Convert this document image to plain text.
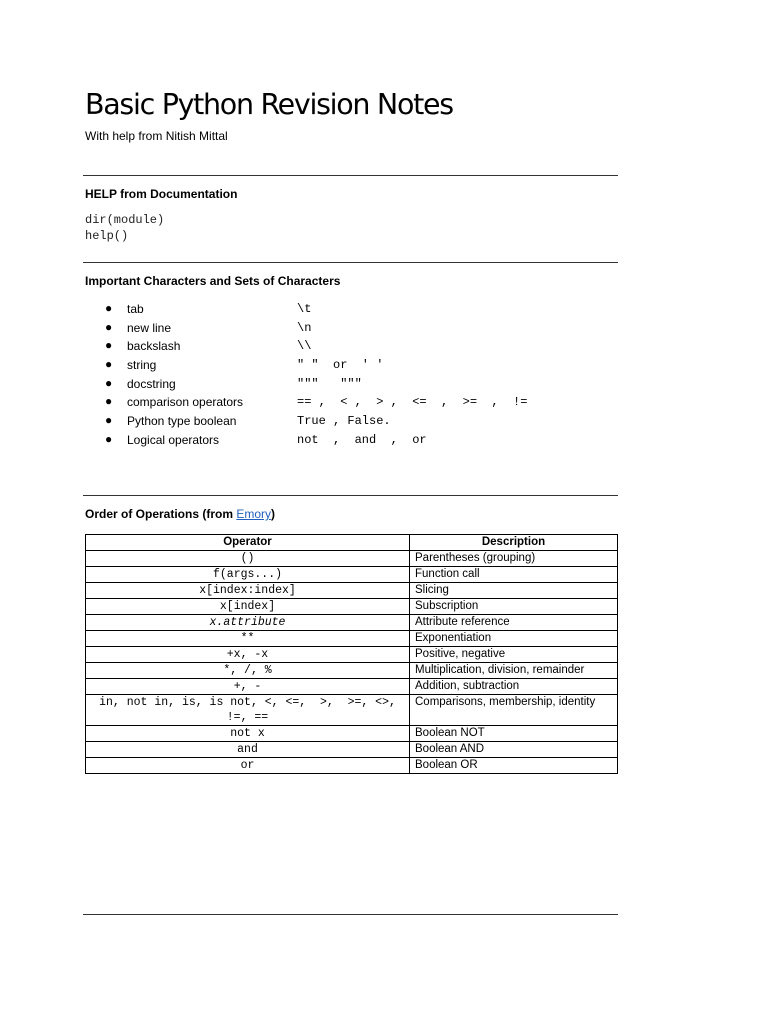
Basic Python Revision Notes
With help from Nitish Mittal
HELP from Documentation
dir(module)
help()
Important Characters and Sets of Characters
● tab	\t
● new line	\n
● backslash	\\
● string	" "  or  ' '
● docstring	"""   """
● comparison operators	== ,  < ,  > ,  <=  ,  >=  ,  !=
● Python type boolean	True , False.
● Logical operators	not  ,  and  ,  or
Order of Operations (from Emory)
Operator	Description
()	Parentheses (grouping)
f(args...)	Function call
x[index:index]	Slicing
x[index]	Subscription
x.attribute	Attribute reference
**	Exponentiation
+x, -x	Positive, negative
*, /, %	Multiplication, division, remainder
+, -	Addition, subtraction
in, not in, is, is not, <, <=,  >,  >=, <>, !=, ==	Comparisons, membership, identity
not x	Boolean NOT
and	Boolean AND
or	Boolean OR
